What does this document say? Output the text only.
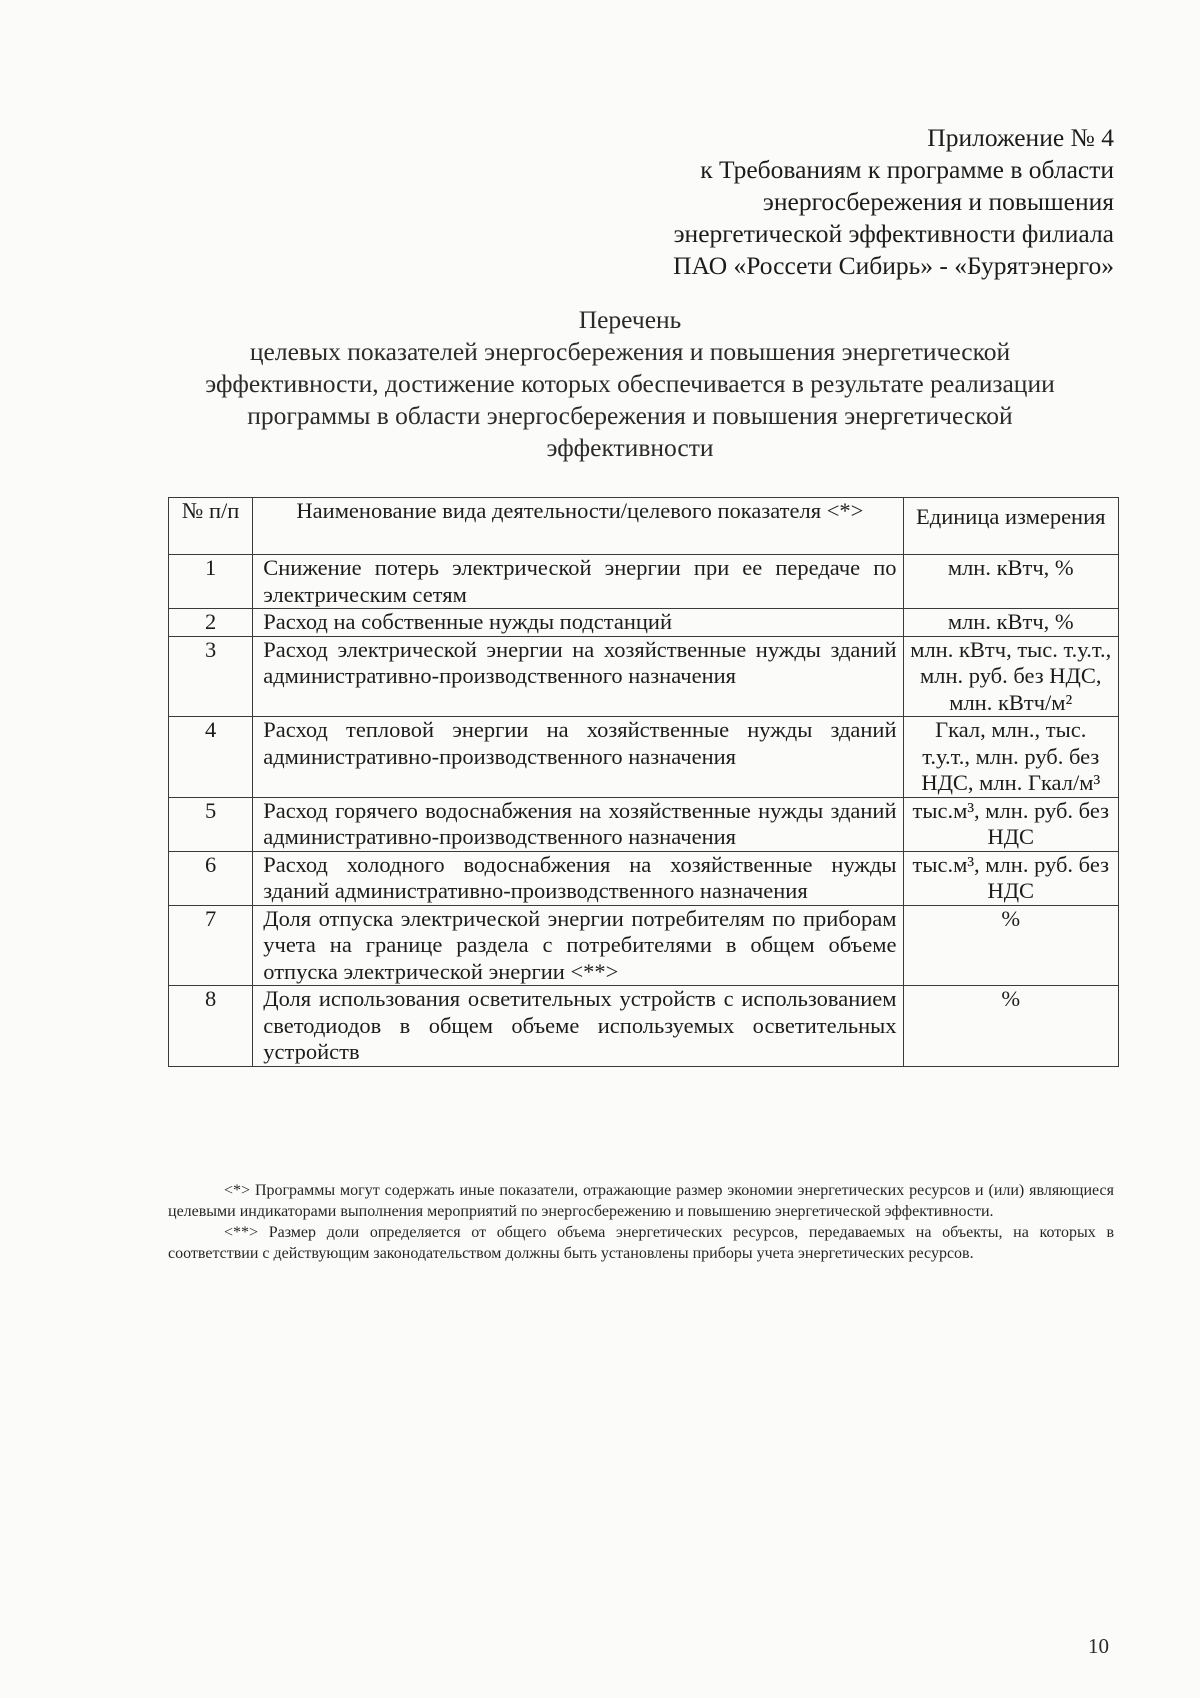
Приложение № 4
к Требованиям к программе в области
энергосбережения и повышения
энергетической эффективности филиала
ПАО «Россети Сибирь» - «Бурятэнерго»
Перечень
целевых показателей энергосбережения и повышения энергетической эффективности, достижение которых обеспечивается в результате реализации программы в области энергосбережения и повышения энергетической эффективности
№ п/п	Наименование вида деятельности/целевого показателя <*>	Единица измерения
1	Снижение потерь электрической энергии при ее передаче по электрическим сетям	млн. кВтч, %
2	Расход на собственные нужды подстанций	млн. кВтч, %
3	Расход электрической энергии на хозяйственные нужды зданий административно-производственного назначения	млн. кВтч, тыс. т.у.т., млн. руб. без НДС, млн. кВтч/м²
4	Расход тепловой энергии на хозяйственные нужды зданий административно-производственного назначения	Гкал, млн., тыс. т.у.т., млн. руб. без НДС, млн. Гкал/м³
5	Расход горячего водоснабжения на хозяйственные нужды зданий административно-производственного назначения	тыс.м³, млн. руб. без НДС
6	Расход холодного водоснабжения на хозяйственные нужды зданий административно-производственного назначения	тыс.м³, млн. руб. без НДС
7	Доля отпуска электрической энергии потребителям по приборам учета на границе раздела с потребителями в общем объеме отпуска электрической энергии <**>	%
8	Доля использования осветительных устройств с использованием светодиодов в общем объеме используемых осветительных устройств	%

<*> Программы могут содержать иные показатели, отражающие размер экономии энергетических ресурсов и (или) являющиеся целевыми индикаторами выполнения мероприятий по энергосбережению и повышению энергетической эффективности.

<**> Размер доли определяется от общего объема энергетических ресурсов, передаваемых на объекты, на которых в соответствии с действующим законодательством должны быть установлены приборы учета энергетических ресурсов.

10
